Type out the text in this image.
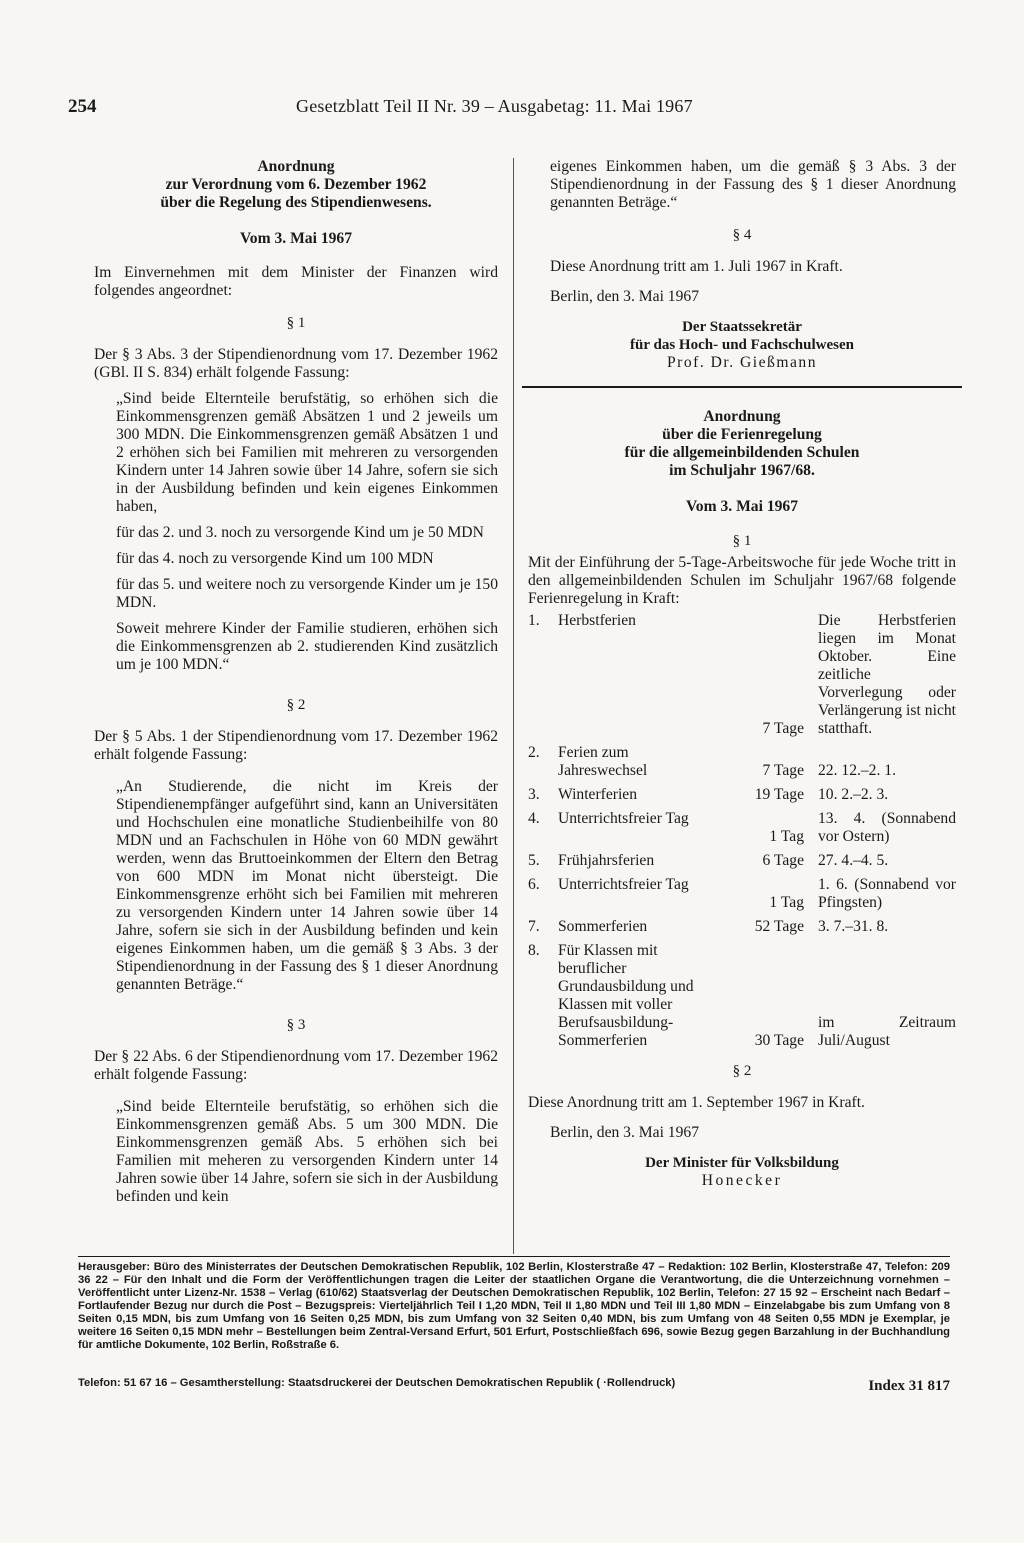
254	Gesetzblatt Teil II Nr. 39 – Ausgabetag: 11. Mai 1967

Anordnung

zur Verordnung vom 6. Dezember 1962

über die Regelung des Stipendienwesens.

Vom 3. Mai 1967

Im Einvernehmen mit dem Minister der Finanzen wird folgendes angeordnet:

§ 1

Der § 3 Abs. 3 der Stipendienordnung vom 17. Dezember 1962 (GBl. II S. 834) erhält folgende Fassung:

„Sind beide Elternteile berufstätig, so erhöhen sich die Einkommensgrenzen gemäß Absätzen 1 und 2 jeweils um 300 MDN. Die Einkommensgrenzen gemäß Absätzen 1 und 2 erhöhen sich bei Familien mit mehreren zu versorgenden Kindern unter 14 Jahren sowie über 14 Jahre, sofern sie sich in der Ausbildung befinden und kein eigenes Einkommen haben,

für das 2. und 3. noch zu versorgende Kind um je 50 MDN

für das 4. noch zu versorgende Kind um 100 MDN

für das 5. und weitere noch zu versorgende Kinder um je 150 MDN.

Soweit mehrere Kinder der Familie studieren, erhöhen sich die Einkommensgrenzen ab 2. studierenden Kind zusätzlich um je 100 MDN.“

§ 2

Der § 5 Abs. 1 der Stipendienordnung vom 17. Dezember 1962 erhält folgende Fassung:

„An Studierende, die nicht im Kreis der Stipendienempfänger aufgeführt sind, kann an Universitäten und Hochschulen eine monatliche Studienbeihilfe von 80 MDN und an Fachschulen in Höhe von 60 MDN gewährt werden, wenn das Bruttoeinkommen der Eltern den Betrag von 600 MDN im Monat nicht übersteigt. Die Einkommensgrenze erhöht sich bei Familien mit mehreren zu versorgenden Kindern unter 14 Jahren sowie über 14 Jahre, sofern sie sich in der Ausbildung befinden und kein eigenes Einkommen haben, um die gemäß § 3 Abs. 3 der Stipendienordnung in der Fassung des § 1 dieser Anordnung genannten Beträge.“

§ 3

Der § 22 Abs. 6 der Stipendienordnung vom 17. Dezember 1962 erhält folgende Fassung:

„Sind beide Elternteile berufstätig, so erhöhen sich die Einkommensgrenzen gemäß Abs. 5 um 300 MDN. Die Einkommensgrenzen gemäß Abs. 5 erhöhen sich bei Familien mit meheren zu versorgenden Kindern unter 14 Jahren sowie über 14 Jahre, sofern sie sich in der Ausbildung befinden und kein

eigenes Einkommen haben, um die gemäß § 3 Abs. 3 der Stipendienordnung in der Fassung des § 1 dieser Anordnung genannten Beträge.“

§ 4

Diese Anordnung tritt am 1. Juli 1967 in Kraft.

Berlin, den 3. Mai 1967

Der Staatssekretär
für das Hoch- und Fachschulwesen
Prof. Dr. Gießmann

Anordnung

über die Ferienregelung

für die allgemeinbildenden Schulen

im Schuljahr 1967/68.

Vom 3. Mai 1967

§ 1

Mit der Einführung der 5-Tage-Arbeitswoche für jede Woche tritt in den allgemeinbildenden Schulen im Schuljahr 1967/68 folgende Ferienregelung in Kraft:

1.	Herbstferien	7 Tage	Die Herbstferien liegen im Monat Oktober. Eine zeitliche Vorverlegung oder Verlängerung ist nicht statthaft.
2.	Ferien zum Jahreswechsel	7 Tage	22. 12.–2. 1.
3.	Winterferien	19 Tage	10. 2.–2. 3.
4.	Unterrichtsfreier Tag	1 Tag	13. 4. (Sonnabend vor Ostern)
5.	Frühjahrsferien	6 Tage	27. 4.–4. 5.
6.	Unterrichtsfreier Tag	1 Tag	1. 6. (Sonnabend vor Pfingsten)
7.	Sommerferien	52 Tage	3. 7.–31. 8.
8.	Für Klassen mit beruflicher Grundausbildung und Klassen mit voller Berufsausbildung-Sommerferien	30 Tage	im Zeitraum Juli/August

§ 2

Diese Anordnung tritt am 1. September 1967 in Kraft.

Berlin, den 3. Mai 1967

Der Minister für Volksbildung
Honecker
Herausgeber: Büro des Ministerrates der Deutschen Demokratischen Republik, 102 Berlin, Klosterstraße 47 – Redaktion: 102 Berlin, Klosterstraße 47, Telefon: 209 36 22 – Für den Inhalt und die Form der Veröffentlichungen tragen die Leiter der staatlichen Organe die Verantwortung, die die Unterzeichnung vornehmen – Veröffentlicht unter Lizenz-Nr. 1538 – Verlag (610/62) Staatsverlag der Deutschen Demokratischen Republik, 102 Berlin, Telefon: 27 15 92 – Erscheint nach Bedarf – Fortlaufender Bezug nur durch die Post – Bezugspreis: Vierteljährlich Teil I 1,20 MDN, Teil II 1,80 MDN und Teil III 1,80 MDN – Einzelabgabe bis zum Umfang von 8 Seiten 0,15 MDN, bis zum Umfang von 16 Seiten 0,25 MDN, bis zum Umfang von 32 Seiten 0,40 MDN, bis zum Umfang von 48 Seiten 0,55 MDN je Exemplar, je weitere 16 Seiten 0,15 MDN mehr – Bestellungen beim Zentral-Versand Erfurt, 501 Erfurt, Postschließfach 696, sowie Bezug gegen Barzahlung in der Buchhandlung für amtliche Dokumente, 102 Berlin, Roßstraße 6.
Telefon: 51 67 16 – Gesamtherstellung: Staatsdruckerei der Deutschen Demokratischen Republik ( ·Rollendruck)	Index 31 817
